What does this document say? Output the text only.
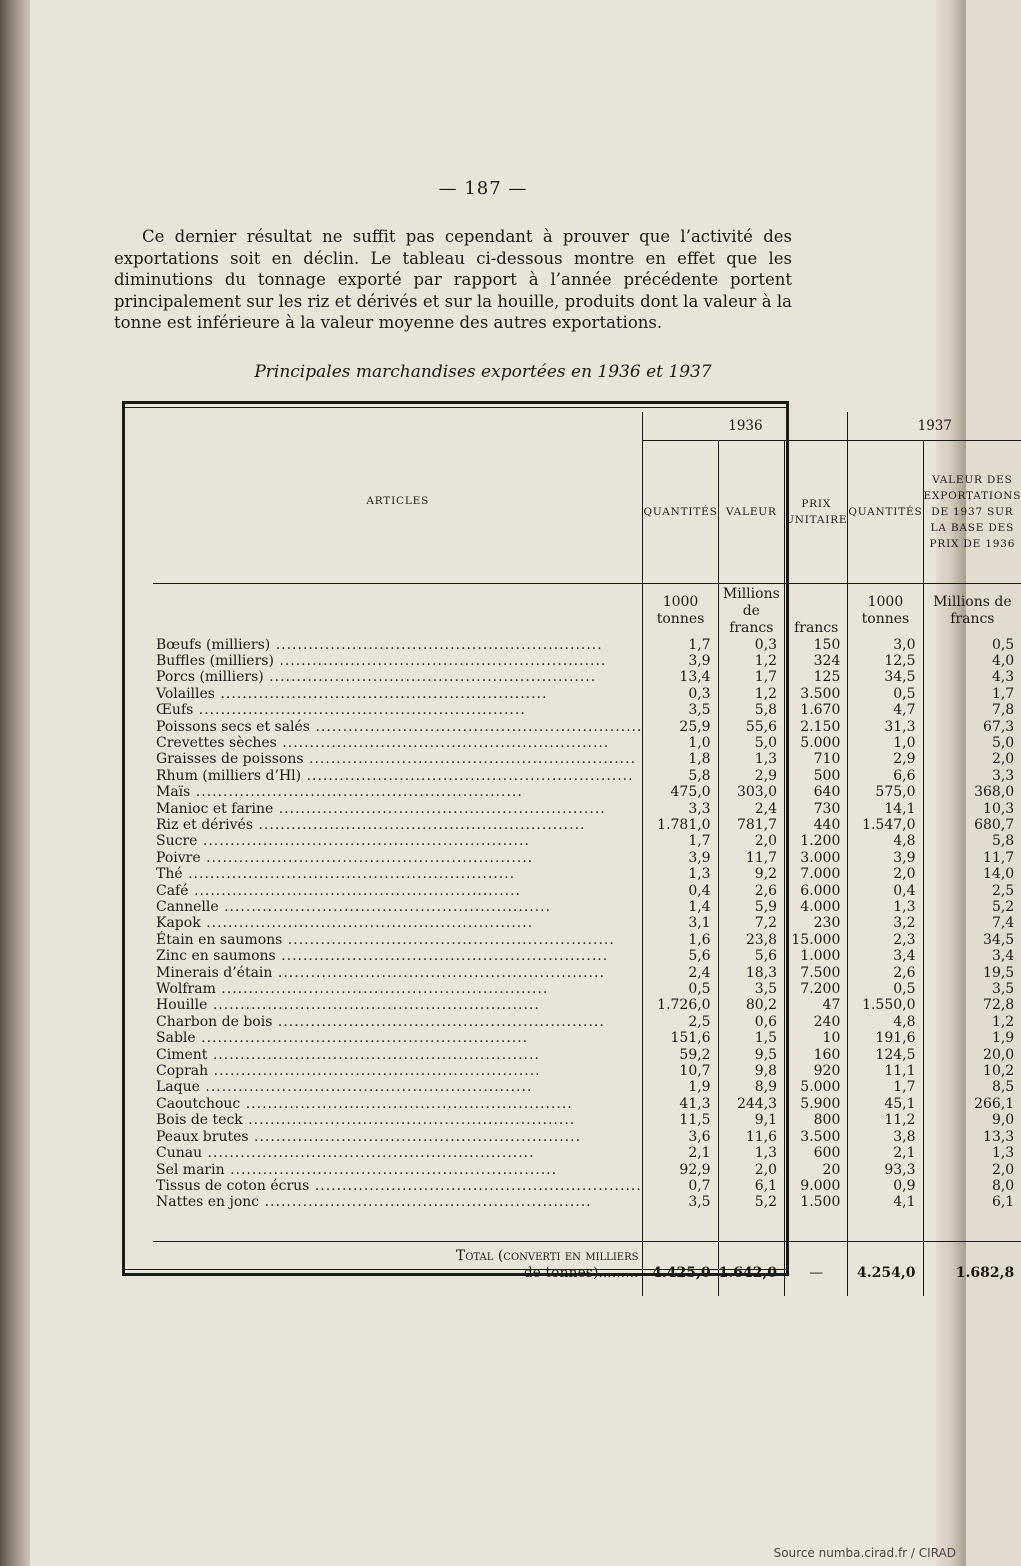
— 187 —
Ce dernier résultat ne suffit pas cependant à prouver que l’activité des exportations soit en déclin. Le tableau ci-dessous montre en effet que les diminutions du tonnage exporté par rapport à l’année précédente portent principalement sur les riz et dérivés et sur la houille, produits dont la valeur à la tonne est inférieure à la valeur moyenne des autres exportations.
Principales marchandises exportées en 1936 et 1937
	1936			1937	
ARTICLES	QUANTITÉS	VALEUR	PRIX UNITAIRE	QUANTITÉS	VALEUR DES EXPORTATIONS DE 1937 SUR LA BASE DES PRIX DE 1936

	1000 tonnes	Millions de francs	francs	1000 tonnes	Millions de francs
Bœufs (milliers) ............................................................	1,7	0,3	150	3,0	0,5
Buffles (milliers) ............................................................	3,9	1,2	324	12,5	4,0
Porcs (milliers) ............................................................	13,4	1,7	125	34,5	4,3
Volailles ............................................................	0,3	1,2	3.500	0,5	1,7
Œufs ............................................................	3,5	5,8	1.670	4,7	7,8
Poissons secs et salés ............................................................	25,9	55,6	2.150	31,3	67,3
Crevettes sèches ............................................................	1,0	5,0	5.000	1,0	5,0
Graisses de poissons ............................................................	1,8	1,3	710	2,9	2,0
Rhum (milliers d’Hl) ............................................................	5,8	2,9	500	6,6	3,3
Maïs ............................................................	475,0	303,0	640	575,0	368,0
Manioc et farine ............................................................	3,3	2,4	730	14,1	10,3
Riz et dérivés ............................................................	1.781,0	781,7	440	1.547,0	680,7
Sucre ............................................................	1,7	2,0	1.200	4,8	5,8
Poivre ............................................................	3,9	11,7	3.000	3,9	11,7
Thé ............................................................	1,3	9,2	7.000	2,0	14,0
Café ............................................................	0,4	2,6	6.000	0,4	2,5
Cannelle ............................................................	1,4	5,9	4.000	1,3	5,2
Kapok ............................................................	3,1	7,2	230	3,2	7,4
Étain en saumons ............................................................	1,6	23,8	15.000	2,3	34,5
Zinc en saumons ............................................................	5,6	5,6	1.000	3,4	3,4
Minerais d’étain ............................................................	2,4	18,3	7.500	2,6	19,5
Wolfram ............................................................	0,5	3,5	7.200	0,5	3,5
Houille ............................................................	1.726,0	80,2	47	1.550,0	72,8
Charbon de bois ............................................................	2,5	0,6	240	4,8	1,2
Sable ............................................................	151,6	1,5	10	191,6	1,9
Ciment ............................................................	59,2	9,5	160	124,5	20,0
Coprah ............................................................	10,7	9,8	920	11,1	10,2
Laque ............................................................	1,9	8,9	5.000	1,7	8,5
Caoutchouc ............................................................	41,3	244,3	5.900	45,1	266,1
Bois de teck ............................................................	11,5	9,1	800	11,2	9,0
Peaux brutes ............................................................	3,6	11,6	3.500	3,8	13,3
Cunau ............................................................	2,1	1,3	600	2,1	1,3
Sel marin ............................................................	92,9	2,0	20	93,3	2,0
Tissus de coton écrus ............................................................	0,7	6,1	9.000	0,9	8,0
Nattes en jonc ............................................................	3,5	5,2	1.500	4,1	6,1

Total (converti en milliers
de tonnes).........	4.425,0	1.642,0	—	4.254,0	1.682,8
Source numba.cirad.fr / CIRAD
